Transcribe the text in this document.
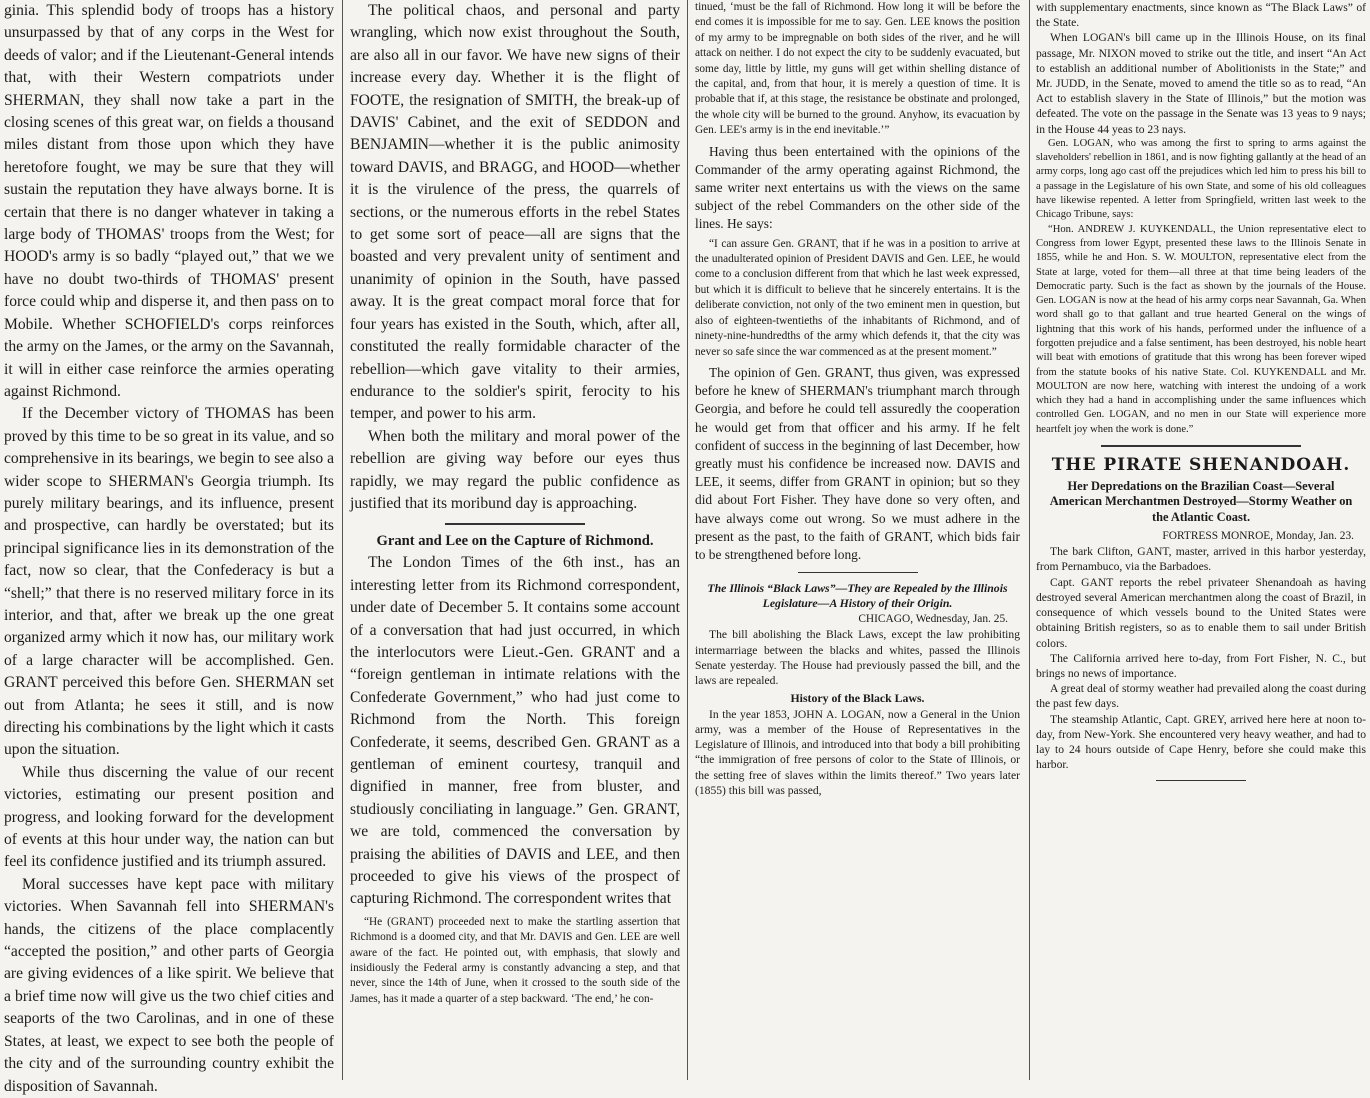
ginia. This splendid body of troops has a history unsurpassed by that of any corps in the West for deeds of valor; and if the Lieutenant-General intends that, with their Western compatriots under SHERMAN, they shall now take a part in the closing scenes of this great war, on fields a thousand miles distant from those upon which they have heretofore fought, we may be sure that they will sustain the reputation they have always borne. It is certain that there is no danger whatever in taking a large body of THOMAS' troops from the West; for HOOD's army is so badly “played out,” that we we have no doubt two-thirds of THOMAS' present force could whip and disperse it, and then pass on to Mobile. Whether SCHOFIELD's corps reinforces the army on the James, or the army on the Savannah, it will in either case reinforce the armies operating against Richmond.

If the December victory of THOMAS has been proved by this time to be so great in its value, and so comprehensive in its bearings, we begin to see also a wider scope to SHERMAN's Georgia triumph. Its purely military bearings, and its influence, present and prospective, can hardly be overstated; but its principal significance lies in its demonstration of the fact, now so clear, that the Confederacy is but a “shell;” that there is no reserved military force in its interior, and that, after we break up the one great organized army which it now has, our military work of a large character will be accomplished. Gen. GRANT perceived this before Gen. SHERMAN set out from Atlanta; he sees it still, and is now directing his combinations by the light which it casts upon the situation.

While thus discerning the value of our recent victories, estimating our present position and progress, and looking forward for the development of events at this hour under way, the nation can but feel its confidence justified and its triumph assured.

Moral successes have kept pace with military victories. When Savannah fell into SHERMAN's hands, the citizens of the place complacently “accepted the position,” and other parts of Georgia are giving evidences of a like spirit. We believe that a brief time now will give us the two chief cities and seaports of the two Carolinas, and in one of these States, at least, we expect to see both the people of the city and of the surrounding country exhibit the disposition of Savannah.

The political chaos, and personal and party wrangling, which now exist throughout the South, are also all in our favor. We have new signs of their increase every day. Whether it is the flight of FOOTE, the resignation of SMITH, the break-up of DAVIS' Cabinet, and the exit of SEDDON and BENJAMIN—whether it is the public animosity toward DAVIS, and BRAGG, and HOOD—whether it is the virulence of the press, the quarrels of sections, or the numerous efforts in the rebel States to get some sort of peace—all are signs that the boasted and very prevalent unity of sentiment and unanimity of opinion in the South, have passed away. It is the great compact moral force that for four years has existed in the South, which, after all, constituted the really formidable character of the rebellion—which gave vitality to their armies, endurance to the soldier's spirit, ferocity to his temper, and power to his arm.

When both the military and moral power of the rebellion are giving way before our eyes thus rapidly, we may regard the public confidence as justified that its moribund day is approaching.

Grant and Lee on the Capture of Richmond.

The London Times of the 6th inst., has an interesting letter from its Richmond correspondent, under date of December 5. It contains some account of a conversation that had just occurred, in which the interlocutors were Lieut.-Gen. GRANT and a “foreign gentleman in intimate relations with the Confederate Government,” who had just come to Richmond from the North. This foreign Confederate, it seems, described Gen. GRANT as a gentleman of eminent courtesy, tranquil and dignified in manner, free from bluster, and studiously conciliating in language.” Gen. GRANT, we are told, commenced the conversation by praising the abilities of DAVIS and LEE, and then proceeded to give his views of the prospect of capturing Richmond. The correspondent writes that

“He (GRANT) proceeded next to make the startling assertion that Richmond is a doomed city, and that Mr. DAVIS and Gen. LEE are well aware of the fact. He pointed out, with emphasis, that slowly and insidiously the Federal army is constantly advancing a step, and that never, since the 14th of June, when it crossed to the south side of the James, has it made a quarter of a step backward. ‘The end,’ he con-

tinued, ‘must be the fall of Richmond. How long it will be before the end comes it is impossible for me to say. Gen. LEE knows the position of my army to be impregnable on both sides of the river, and he will attack on neither. I do not expect the city to be suddenly evacuated, but some day, little by little, my guns will get within shelling distance of the capital, and, from that hour, it is merely a question of time. It is probable that if, at this stage, the resistance be obstinate and prolonged, the whole city will be burned to the ground. Anyhow, its evacuation by Gen. LEE's army is in the end inevitable.’”

Having thus been entertained with the opinions of the Commander of the army operating against Richmond, the same writer next entertains us with the views on the same subject of the rebel Commanders on the other side of the lines. He says:

“I can assure Gen. GRANT, that if he was in a position to arrive at the unadulterated opinion of President DAVIS and Gen. LEE, he would come to a conclusion different from that which he last week expressed, but which it is difficult to believe that he sincerely entertains. It is the deliberate conviction, not only of the two eminent men in question, but also of eighteen-twentieths of the inhabitants of Richmond, and of ninety-nine-hundredths of the army which defends it, that the city was never so safe since the war commenced as at the present moment.”

The opinion of Gen. GRANT, thus given, was expressed before he knew of SHERMAN's triumphant march through Georgia, and before he could tell assuredly the cooperation he would get from that officer and his army. If he felt confident of success in the beginning of last December, how greatly must his confidence be increased now. DAVIS and LEE, it seems, differ from GRANT in opinion; but so they did about Fort Fisher. They have done so very often, and have always come out wrong. So we must adhere in the present as the past, to the faith of GRANT, which bids fair to be strengthened before long.

The Illinois “Black Laws”—They are Repealed by the Illinois Legislature—A History of their Origin.
CHICAGO, Wednesday, Jan. 25.

The bill abolishing the Black Laws, except the law prohibiting intermarriage between the blacks and whites, passed the Illinois Senate yesterday. The House had previously passed the bill, and the laws are repealed.

History of the Black Laws.

In the year 1853, JOHN A. LOGAN, now a General in the Union army, was a member of the House of Representatives in the Legislature of Illinois, and introduced into that body a bill prohibiting “the immigration of free persons of color to the State of Illinois, or the setting free of slaves within the limits thereof.” Two years later (1855) this bill was passed,

with supplementary enactments, since known as “The Black Laws” of the State.

When LOGAN's bill came up in the Illinois House, on its final passage, Mr. NIXON moved to strike out the title, and insert “An Act to establish an additional number of Abolitionists in the State;” and Mr. JUDD, in the Senate, moved to amend the title so as to read, “An Act to establish slavery in the State of Illinois,” but the motion was defeated. The vote on the passage in the Senate was 13 yeas to 9 nays; in the House 44 yeas to 23 nays.

Gen. LOGAN, who was among the first to spring to arms against the slaveholders' rebellion in 1861, and is now fighting gallantly at the head of an army corps, long ago cast off the prejudices which led him to press his bill to a passage in the Legislature of his own State, and some of his old colleagues have likewise repented. A letter from Springfield, written last week to the Chicago Tribune, says:

“Hon. ANDREW J. KUYKENDALL, the Union representative elect to Congress from lower Egypt, presented these laws to the Illinois Senate in 1855, while he and Hon. S. W. MOULTON, representative elect from the State at large, voted for them—all three at that time being leaders of the Democratic party. Such is the fact as shown by the journals of the House. Gen. LOGAN is now at the head of his army corps near Savannah, Ga. When word shall go to that gallant and true hearted General on the wings of lightning that this work of his hands, performed under the influence of a forgotten prejudice and a false sentiment, has been destroyed, his noble heart will beat with emotions of gratitude that this wrong has been forever wiped from the statute books of his native State. Col. KUYKENDALL and Mr. MOULTON are now here, watching with interest the undoing of a work which they had a hand in accomplishing under the same influences which controlled Gen. LOGAN, and no men in our State will experience more heartfelt joy when the work is done.”

THE PIRATE SHENANDOAH.
Her Depredations on the Brazilian Coast—Several American Merchantmen Destroyed—Stormy Weather on the Atlantic Coast.
FORTRESS MONROE, Monday, Jan. 23.

The bark Clifton, GANT, master, arrived in this harbor yesterday, from Pernambuco, via the Barbadoes.

Capt. GANT reports the rebel privateer Shenandoah as having destroyed several American merchantmen along the coast of Brazil, in consequence of which vessels bound to the United States were obtaining British registers, so as to enable them to sail under British colors.

The California arrived here to-day, from Fort Fisher, N. C., but brings no news of importance.

A great deal of stormy weather had prevailed along the coast during the past few days.

The steamship Atlantic, Capt. GREY, arrived here here at noon to-day, from New-York. She encountered very heavy weather, and had to lay to 24 hours outside of Cape Henry, before she could make this harbor.
